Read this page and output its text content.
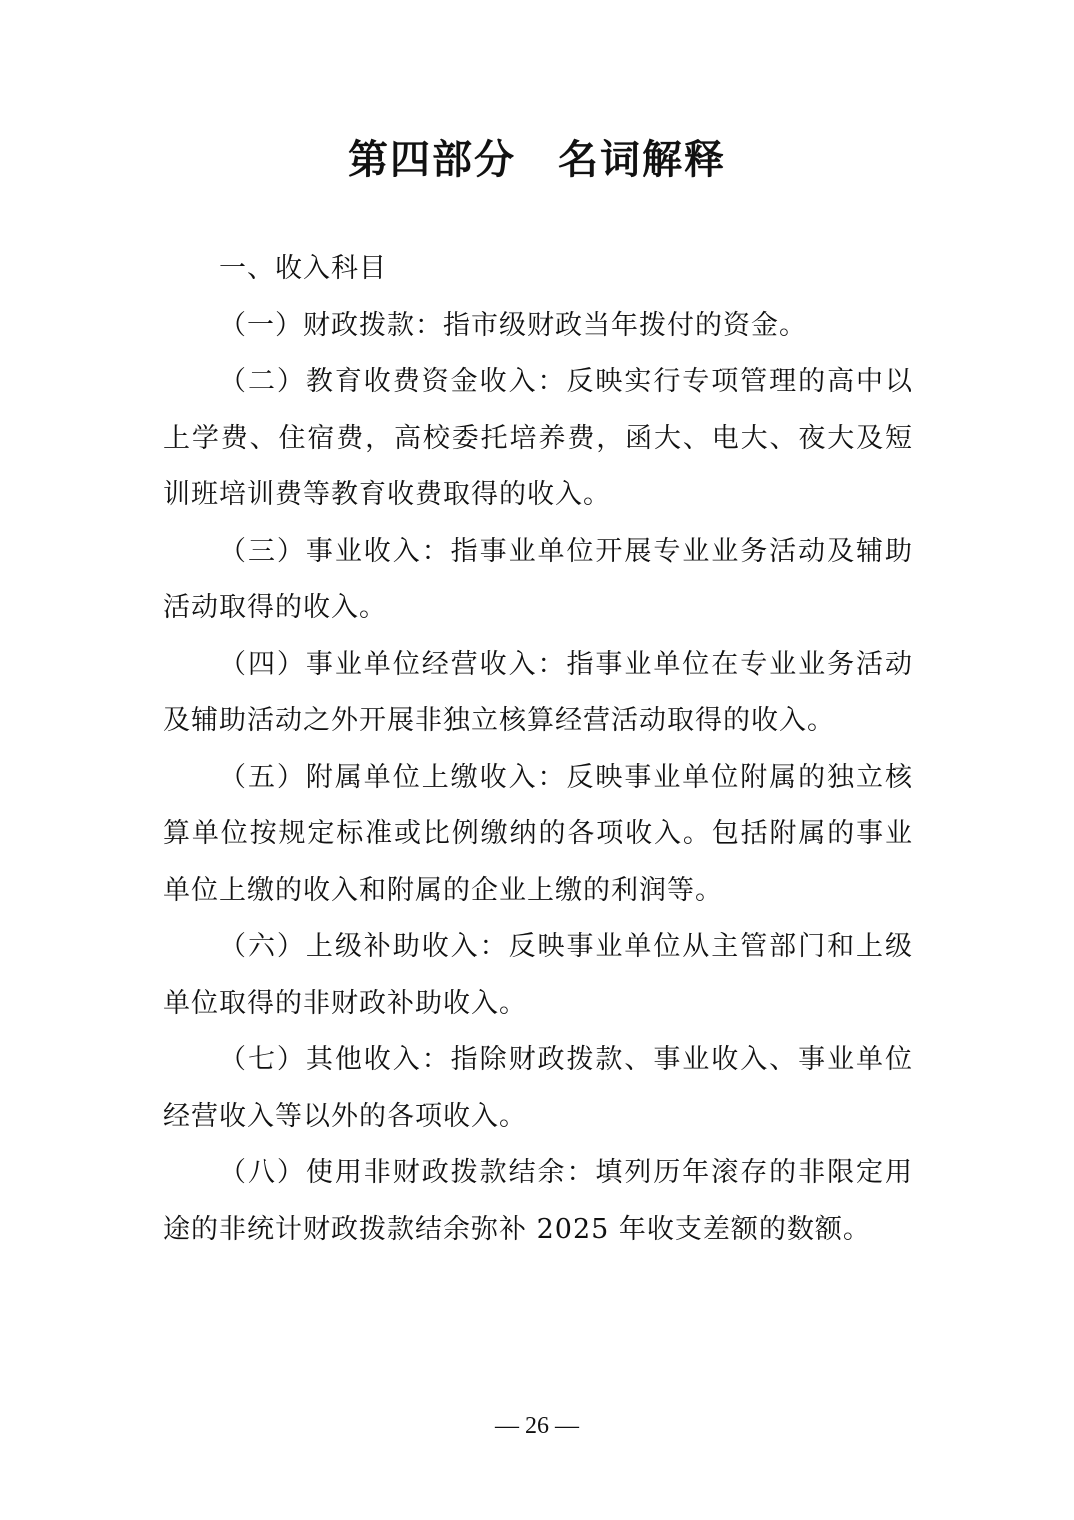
第四部分　名词解释

一、收入科目

（一）财政拨款：指市级财政当年拨付的资金。

（二）教育收费资金收入：反映实行专项管理的高中以上学费、住宿费，高校委托培养费，函大、电大、夜大及短训班培训费等教育收费取得的收入。

（三）事业收入：指事业单位开展专业业务活动及辅助活动取得的收入。

（四）事业单位经营收入：指事业单位在专业业务活动及辅助活动之外开展非独立核算经营活动取得的收入。

（五）附属单位上缴收入：反映事业单位附属的独立核算单位按规定标准或比例缴纳的各项收入。包括附属的事业单位上缴的收入和附属的企业上缴的利润等。

（六）上级补助收入：反映事业单位从主管部门和上级单位取得的非财政补助收入。

（七）其他收入：指除财政拨款、事业收入、事业单位经营收入等以外的各项收入。

（八）使用非财政拨款结余：填列历年滚存的非限定用途的非统计财政拨款结余弥补 2025 年收支差额的数额。

— 26 —
